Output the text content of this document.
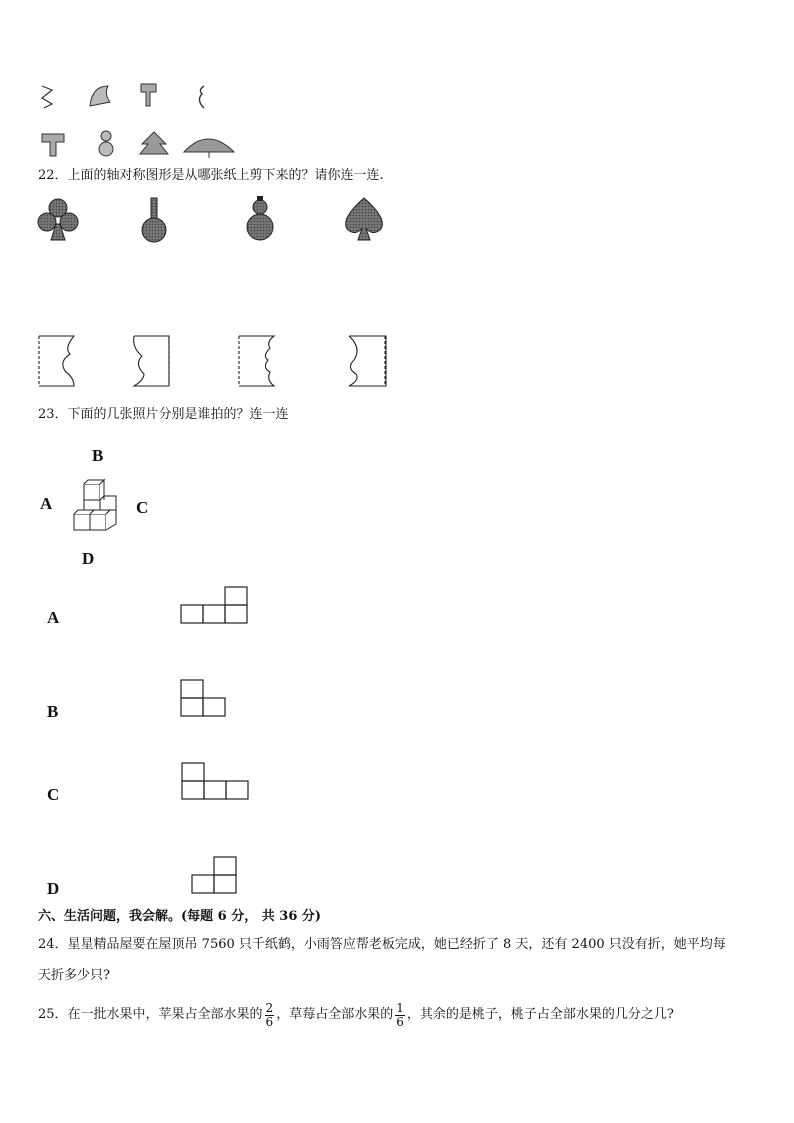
22．上面的轴对称图形是从哪张纸上剪下来的？请你连一连.
23．下面的几张照片分别是谁拍的？连一连
B
A	C
D
A
B
C
D
六、生活问题，我会解。(每题 6 分， 共 36 分)
24．星星精品屋要在屋顶吊 7560 只千纸鹤，小雨答应帮老板完成，她已经折了 8 天，还有 2400 只没有折，她平均每
天折多少只?
25．在一批水果中，苹果占全部水果的 $\frac{2}{6}$ ，草莓占全部水果的 $\frac{1}{6}$ ，其余的是桃子，桃子占全部水果的几分之几?
